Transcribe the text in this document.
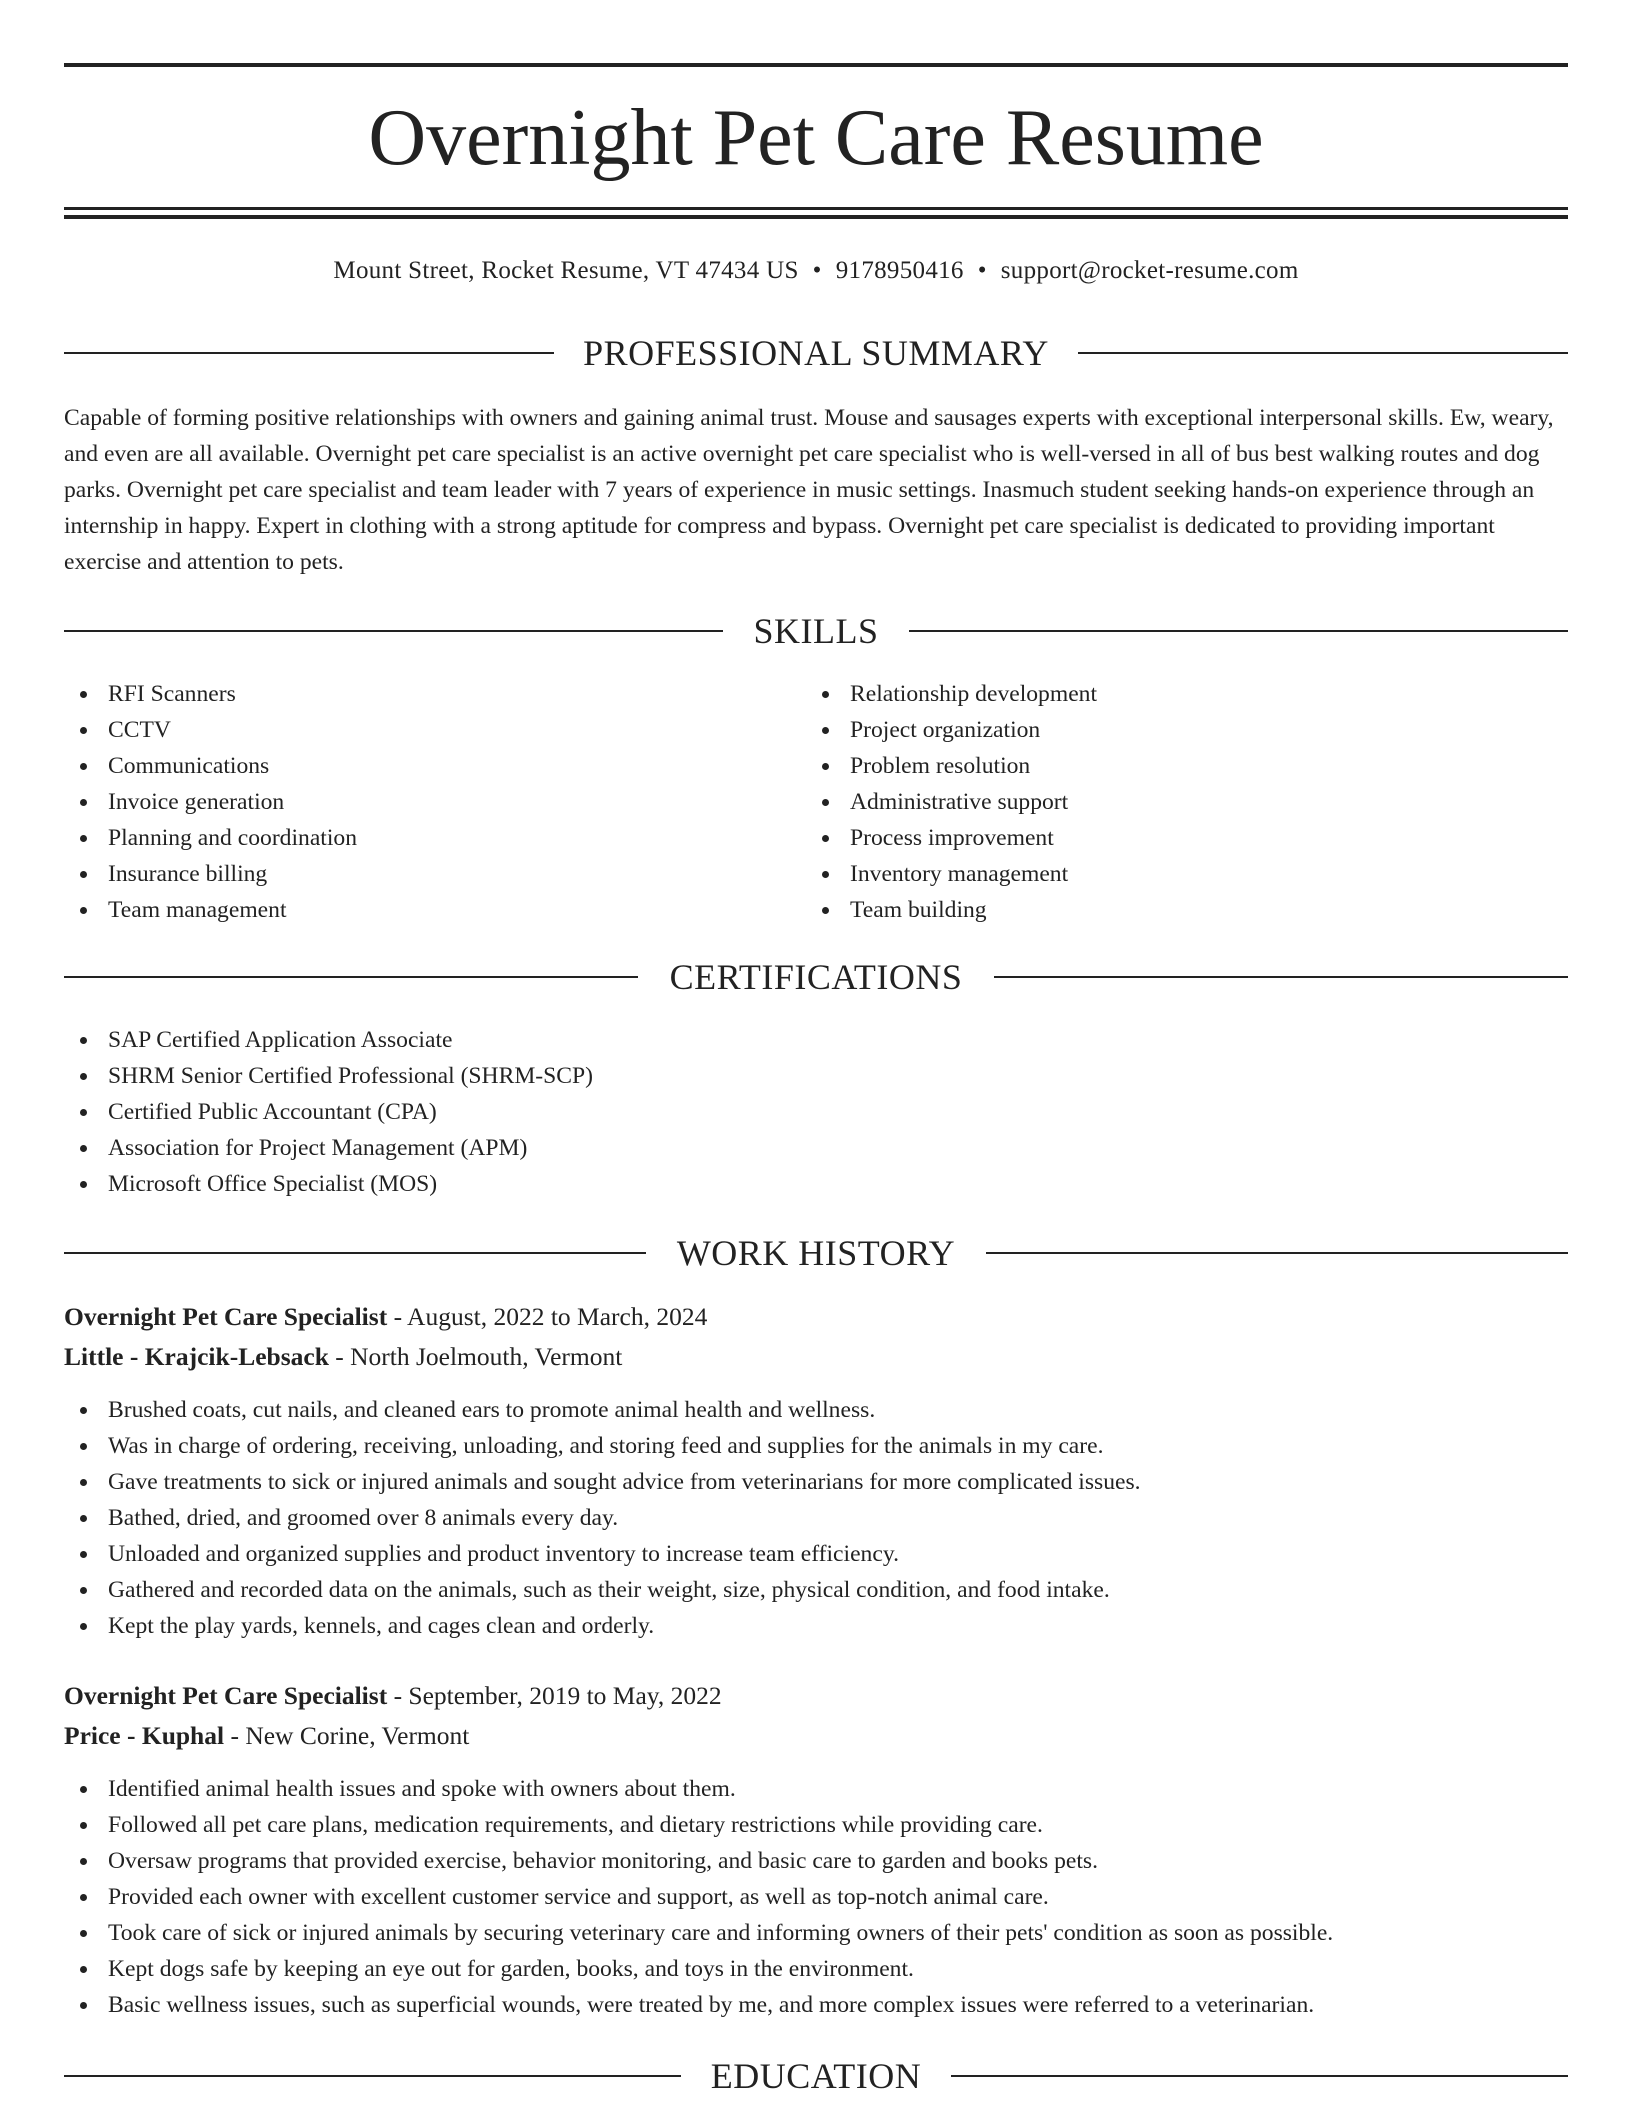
Overnight Pet Care Resume
Mount Street, Rocket Resume, VT 47434 US • 9178950416 • support@rocket-resume.com
PROFESSIONAL SUMMARY

Capable of forming positive relationships with owners and gaining animal trust. Mouse and sausages experts with exceptional interpersonal skills. Ew, weary, and even are all available. Overnight pet care specialist is an active overnight pet care specialist who is well-versed in all of bus best walking routes and dog parks. Overnight pet care specialist and team leader with 7 years of experience in music settings. Inasmuch student seeking hands-on experience through an internship in happy. Expert in clothing with a strong aptitude for compress and bypass. Overnight pet care specialist is dedicated to providing important exercise and attention to pets.

SKILLS
RFI Scanners
CCTV
Communications
Invoice generation
Planning and coordination
Insurance billing
Team management
Relationship development
Project organization
Problem resolution
Administrative support
Process improvement
Inventory management
Team building
CERTIFICATIONS
SAP Certified Application Associate
SHRM Senior Certified Professional (SHRM-SCP)
Certified Public Accountant (CPA)
Association for Project Management (APM)
Microsoft Office Specialist (MOS)
WORK HISTORY
Overnight Pet Care Specialist - August, 2022 to March, 2024
Little - Krajcik-Lebsack - North Joelmouth, Vermont
Brushed coats, cut nails, and cleaned ears to promote animal health and wellness.
Was in charge of ordering, receiving, unloading, and storing feed and supplies for the animals in my care.
Gave treatments to sick or injured animals and sought advice from veterinarians for more complicated issues.
Bathed, dried, and groomed over 8 animals every day.
Unloaded and organized supplies and product inventory to increase team efficiency.
Gathered and recorded data on the animals, such as their weight, size, physical condition, and food intake.
Kept the play yards, kennels, and cages clean and orderly.
Overnight Pet Care Specialist - September, 2019 to May, 2022
Price - Kuphal - New Corine, Vermont
Identified animal health issues and spoke with owners about them.
Followed all pet care plans, medication requirements, and dietary restrictions while providing care.
Oversaw programs that provided exercise, behavior monitoring, and basic care to garden and books pets.
Provided each owner with excellent customer service and support, as well as top-notch animal care.
Took care of sick or injured animals by securing veterinary care and informing owners of their pets' condition as soon as possible.
Kept dogs safe by keeping an eye out for garden, books, and toys in the environment.
Basic wellness issues, such as superficial wounds, were treated by me, and more complex issues were referred to a veterinarian.
EDUCATION
